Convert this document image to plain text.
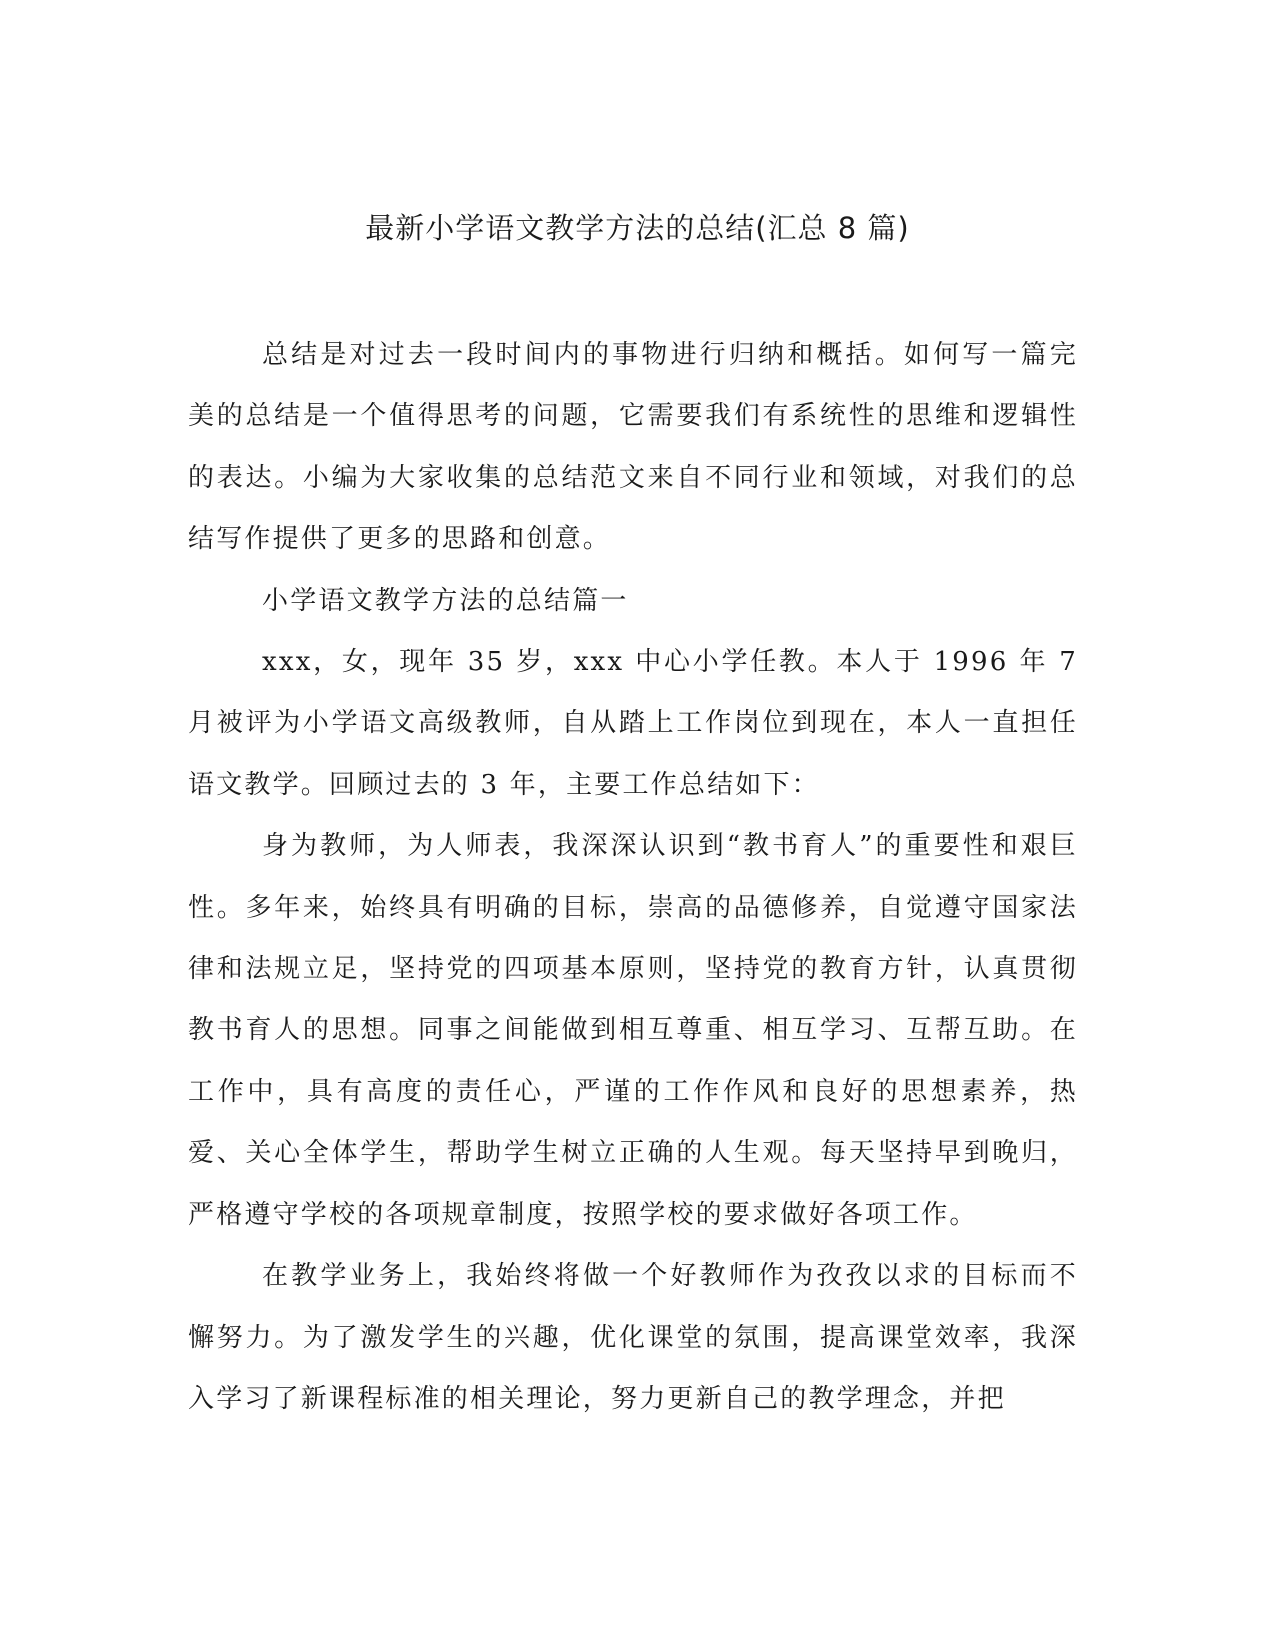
最新小学语文教学方法的总结(汇总 8 篇)

总结是对过去一段时间内的事物进行归纳和概括。如何写一篇完美的总结是一个值得思考的问题，它需要我们有系统性的思维和逻辑性的表达。小编为大家收集的总结范文来自不同行业和领域，对我们的总结写作提供了更多的思路和创意。

小学语文教学方法的总结篇一

xxx，女，现年 35 岁，xxx 中心小学任教。本人于 1996 年 7 月被评为小学语文高级教师，自从踏上工作岗位到现在，本人一直担任语文教学。回顾过去的 3 年，主要工作总结如下：

身为教师，为人师表，我深深认识到“教书育人”的重要性和艰巨性。多年来，始终具有明确的目标，崇高的品德修养，自觉遵守国家法律和法规立足，坚持党的四项基本原则，坚持党的教育方针，认真贯彻教书育人的思想。同事之间能做到相互尊重、相互学习、互帮互助。在工作中，具有高度的责任心，严谨的工作作风和良好的思想素养，热爱、关心全体学生，帮助学生树立正确的人生观。每天坚持早到晚归，严格遵守学校的各项规章制度，按照学校的要求做好各项工作。

在教学业务上，我始终将做一个好教师作为孜孜以求的目标而不懈努力。为了激发学生的兴趣，优化课堂的氛围，提高课堂效率，我深入学习了新课程标准的相关理论，努力更新自己的教学理念，并把
